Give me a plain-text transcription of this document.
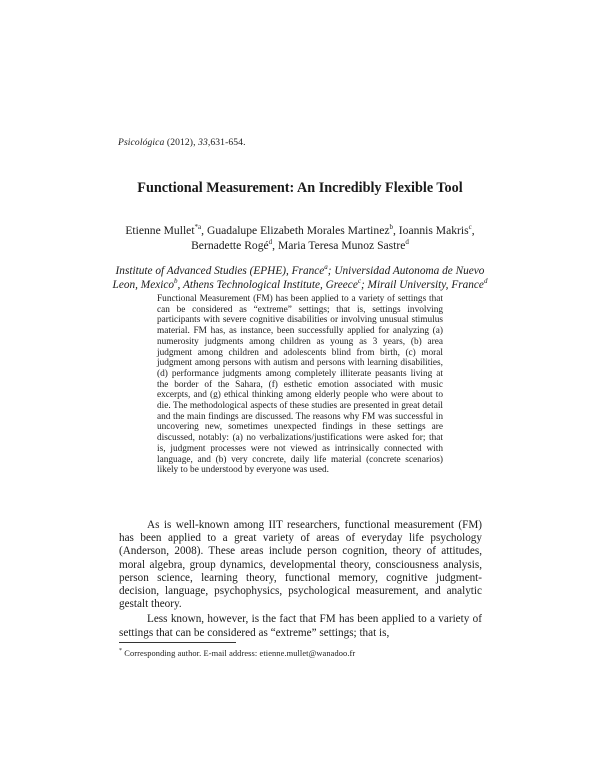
Psicológica (2012), 33,631-654.
Functional Measurement: An Incredibly Flexible Tool
Etienne Mullet$^{*a}$, Guadalupe Elizabeth Morales Martinez$^b$, Ioannis Makris$^c$,
Bernadette Rogé$^d$, Maria Teresa Munoz Sastre$^d$
Institute of Advanced Studies (EPHE), France$^a$; Universidad Autonoma de Nuevo Leon, Mexico$^b$, Athens Technological Institute, Greece$^c$; Mirail University, France$^d$
Functional Measurement (FM) has been applied to a variety of settings that can be considered as “extreme” settings; that is, settings involving participants with severe cognitive disabilities or involving unusual stimulus material. FM has, as instance, been successfully applied for analyzing (a) numerosity judgments among children as young as 3 years, (b) area judgment among children and adolescents blind from birth, (c) moral judgment among persons with autism and persons with learning disabilities, (d) performance judgments among completely illiterate peasants living at the border of the Sahara, (f) esthetic emotion associated with music excerpts, and (g) ethical thinking among elderly people who were about to die. The methodological aspects of these studies are presented in great detail and the main findings are discussed. The reasons why FM was successful in uncovering new, sometimes unexpected findings in these settings are discussed, notably: (a) no verbalizations/justifications were asked for; that is, judgment processes were not viewed as intrinsically connected with language, and (b) very concrete, daily life material (concrete scenarios) likely to be understood by everyone was used.

As is well-known among IIT researchers, functional measurement (FM) has been applied to a great variety of areas of everyday life psychology (Anderson, 2008). These areas include person cognition, theory of attitudes, moral algebra, group dynamics, developmental theory, consciousness analysis, person science, learning theory, functional memory, cognitive judgment-decision, language, psychophysics, psychological measurement, and analytic gestalt theory.

Less known, however, is the fact that FM has been applied to a variety of settings that can be considered as “extreme” settings; that is,

* Corresponding author. E-mail address: etienne.mullet@wanadoo.fr
